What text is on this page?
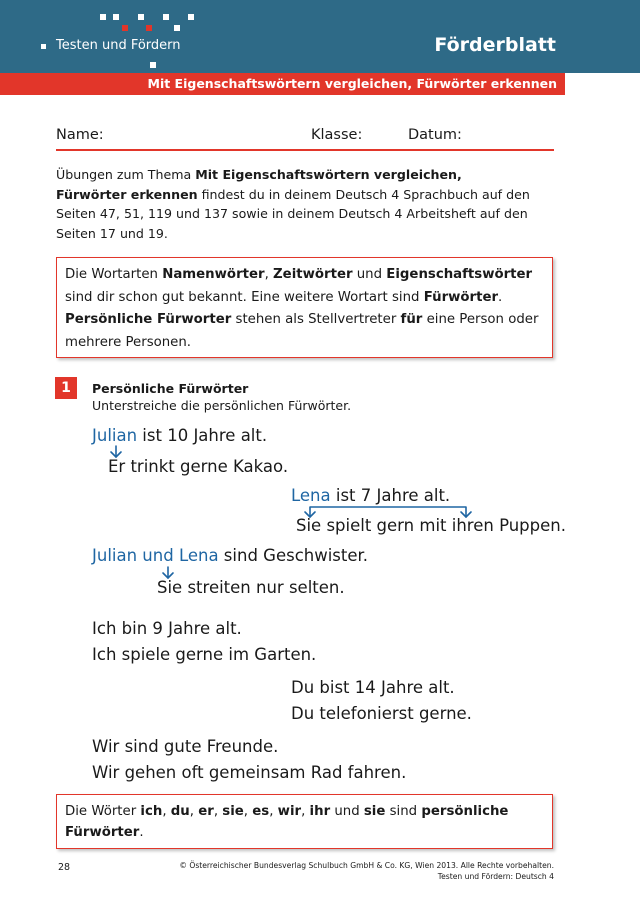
Testen und Fördern	Förderblatt
Mit Eigenschaftswörtern vergleichen, Fürwörter erkennen
Name:	Klasse:	Datum:
Übungen zum Thema Mit Eigenschaftswörtern vergleichen,
Fürwörter erkennen findest du in deinem Deutsch 4 Sprachbuch auf den Seiten 47, 51, 119 und 137 sowie in deinem Deutsch 4 Arbeitsheft auf den Seiten 17 und 19.
Die Wortarten Namenwörter, Zeitwörter und Eigenschaftswörter sind dir schon gut bekannt. Eine weitere Wortart sind Fürwörter. Persönliche Fürworter stehen als Stellvertreter für eine Person oder mehrere Personen.
1	Persönliche Fürwörter
Unterstreiche die persönlichen Fürwörter.
Julian ist 10 Jahre alt.
Er trinkt gerne Kakao.
Lena ist 7 Jahre alt.
Sie spielt gern mit ihren Puppen.
Julian und Lena sind Geschwister.
Sie streiten nur selten.
Ich bin 9 Jahre alt.
Ich spiele gerne im Garten.
Du bist 14 Jahre alt.
Du telefonierst gerne.
Wir sind gute Freunde.
Wir gehen oft gemeinsam Rad fahren.
Die Wörter ich, du, er, sie, es, wir, ihr und sie sind persönliche Fürwörter.
28	© Österreichischer Bundesverlag Schulbuch GmbH & Co. KG, Wien 2013. Alle Rechte vorbehalten.
Testen und Fördern: Deutsch 4
